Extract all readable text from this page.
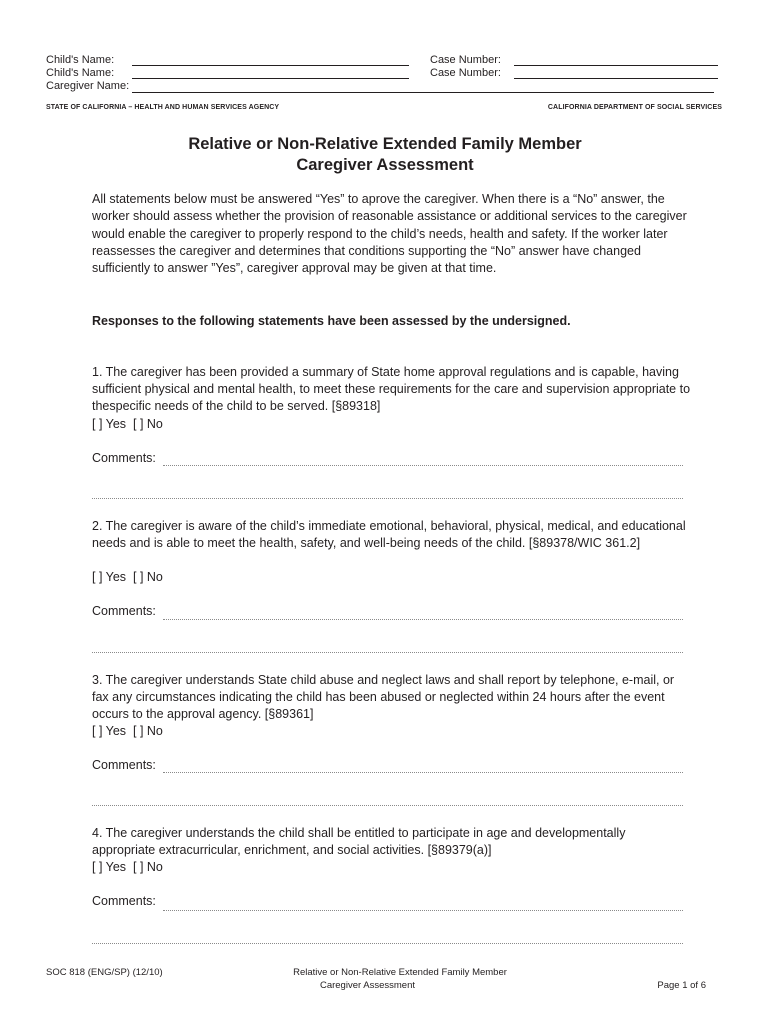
Child's Name:
Child's Name:
Caregiver Name:
Case Number:
Case Number:
STATE OF CALIFORNIA – HEALTH AND HUMAN SERVICES AGENCY	CALIFORNIA DEPARTMENT OF SOCIAL SERVICES
Relative or Non-Relative Extended Family Member
Caregiver Assessment
All statements below must be answered “Yes” to aprove the caregiver. When there is a “No” answer, the worker should assess whether the provision of reasonable assistance or additional services to the caregiver would enable the caregiver to properly respond to the child’s needs, health and safety. If the worker later reassesses the caregiver and determines that conditions supporting the “No” answer have changed sufficiently to answer ”Yes”, caregiver approval may be given at that time.
Responses to the following statements have been assessed by the undersigned.
1. The caregiver has been provided a summary of State home approval regulations and is capable, having sufficient physical and mental health, to meet these requirements for the care and supervision appropriate to thespecific needs of the child to be served. [§89318]
[ ] Yes [ ] No
Comments:
2. The caregiver is aware of the child’s immediate emotional, behavioral, physical, medical, and educational needs and is able to meet the health, safety, and well-being needs of the child. [§89378/WIC 361.2]
[ ] Yes [ ] No
Comments:
3. The caregiver understands State child abuse and neglect laws and shall report by telephone, e-mail, or fax any circumstances indicating the child has been abused or neglected within 24 hours after the event occurs to the approval agency. [§89361]
[ ] Yes [ ] No
Comments:
4. The caregiver understands the child shall be entitled to participate in age and developmentally appropriate extracurricular, enrichment, and social activities. [§89379(a)]
[ ] Yes [ ] No
Comments:
SOC 818 (ENG/SP) (12/10)	Relative or Non-Relative Extended Family Member
Caregiver Assessment	Page 1 of 6
